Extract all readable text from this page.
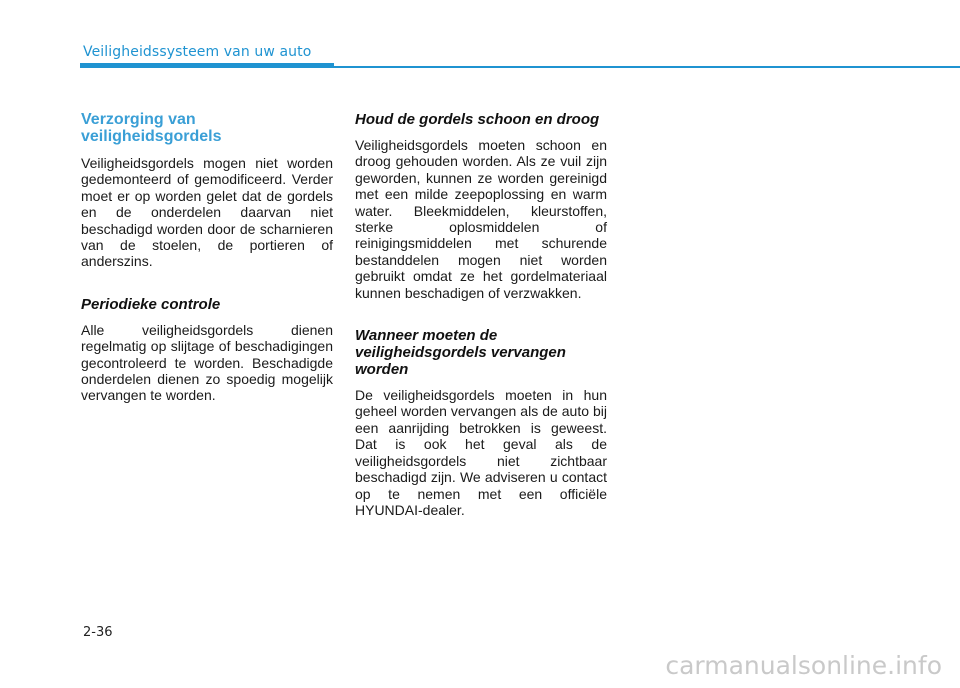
Veiligheidssysteem van uw auto
Verzorging van veiligheidsgordels

Veiligheidsgordels mogen niet worden gedemonteerd of gemodificeerd. Verder moet er op worden gelet dat de gordels en de onderdelen daarvan niet beschadigd worden door de scharnieren van de stoelen, de portieren of anderszins.

Periodieke controle

Alle veiligheidsgordels dienen regelmatig op slijtage of beschadigingen gecontroleerd te worden. Beschadigde onderdelen dienen zo spoedig mogelijk vervangen te worden.

Houd de gordels schoon en droog

Veiligheidsgordels moeten schoon en droog gehouden worden. Als ze vuil zijn geworden, kunnen ze worden gereinigd met een milde zeepoplossing en warm water. Bleekmiddelen, kleurstoffen, sterke oplosmiddelen of reinigingsmiddelen met schurende bestanddelen mogen niet worden gebruikt omdat ze het gordelmateriaal kunnen beschadigen of verzwakken.

Wanneer moeten de veiligheidsgordels vervangen worden

De veiligheidsgordels moeten in hun geheel worden vervangen als de auto bij een aanrijding betrokken is geweest. Dat is ook het geval als de veiligheidsgordels niet zichtbaar beschadigd zijn. We adviseren u contact op te nemen met een officiële HYUNDAI-dealer.

2-36
carmanualsonline.info
